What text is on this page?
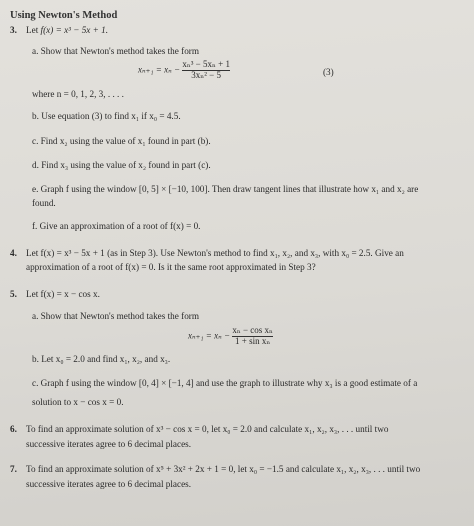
Using Newton's Method
3. Let f(x) = x³ − 5x + 1.
a. Show that Newton's method takes the form
$x_{n+1} = x_n - \frac{\text{xₙ³ − 5xₙ + 1}}{\text{3xₙ² − 5}}$	(3)
where n = 0, 1, 2, 3, . . . .
b. Use equation (3) to find x₁ if x₀ = 4.5.
c. Find x₂ using the value of x₁ found in part (b).
d. Find x₃ using the value of x₂ found in part (c).
e. Graph f using the window [0, 5] × [−10, 100]. Then draw tangent lines that illustrate how x₁ and x₂ are
found.
f. Give an approximation of a root of f(x) = 0.
4. Let f(x) = x³ − 5x + 1 (as in Step 3). Use Newton's method to find x₁, x₂, and x₃, with x₀ = 2.5. Give an
approximation of a root of f(x) = 0. Is it the same root approximated in Step 3?
5. Let f(x) = x − cos x.
a. Show that Newton's method takes the form
$x_{n+1} = x_n - \frac{\text{xₙ − cos xₙ}}{\text{1 + sin xₙ}}$
b. Let x₀ = 2.0 and find x₁, x₂, and x₃.
c. Graph f using the window [0, 4] × [−1, 4] and use the graph to illustrate why x₃ is a good estimate of a
solution to x − cos x = 0.
6. To find an approximate solution of x³ − cos x = 0, let x₀ = 2.0 and calculate x₁, x₂, x₃, . . . until two
successive iterates agree to 6 decimal places.
7. To find an approximate solution of x⁵ + 3x² + 2x + 1 = 0, let x₀ = −1.5 and calculate x₁, x₂, x₃, . . . until two
successive iterates agree to 6 decimal places.
